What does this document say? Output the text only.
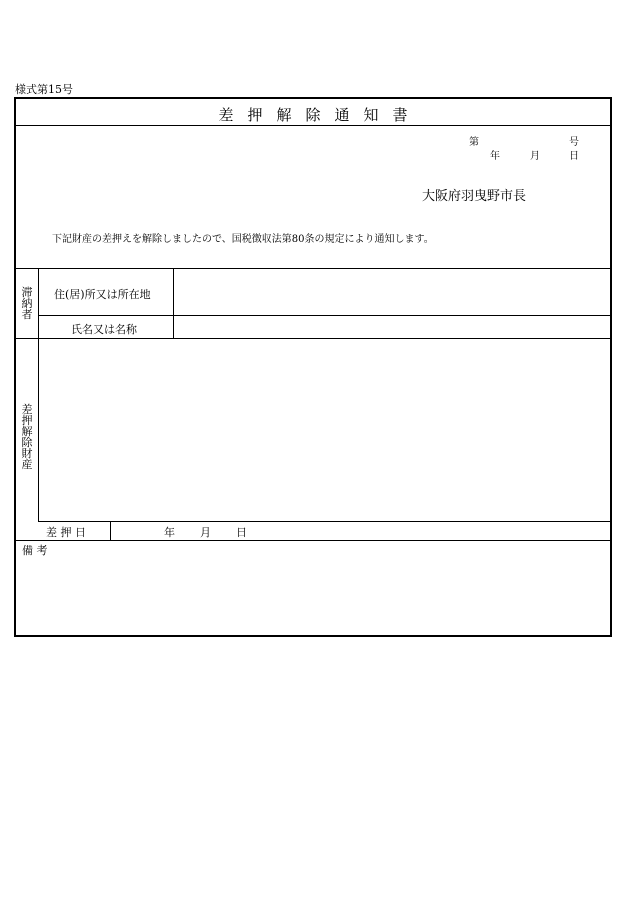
様式第15号
差押解除通知書
第	号
年	月	日
大阪府羽曳野市長
下記財産の差押えを解除しましたので、国税徴収法第80条の規定により通知します。
滞納者
住(居)所又は所在地
氏名又は名称
差押解除財産
差 押 日	年 月 日
備 考
